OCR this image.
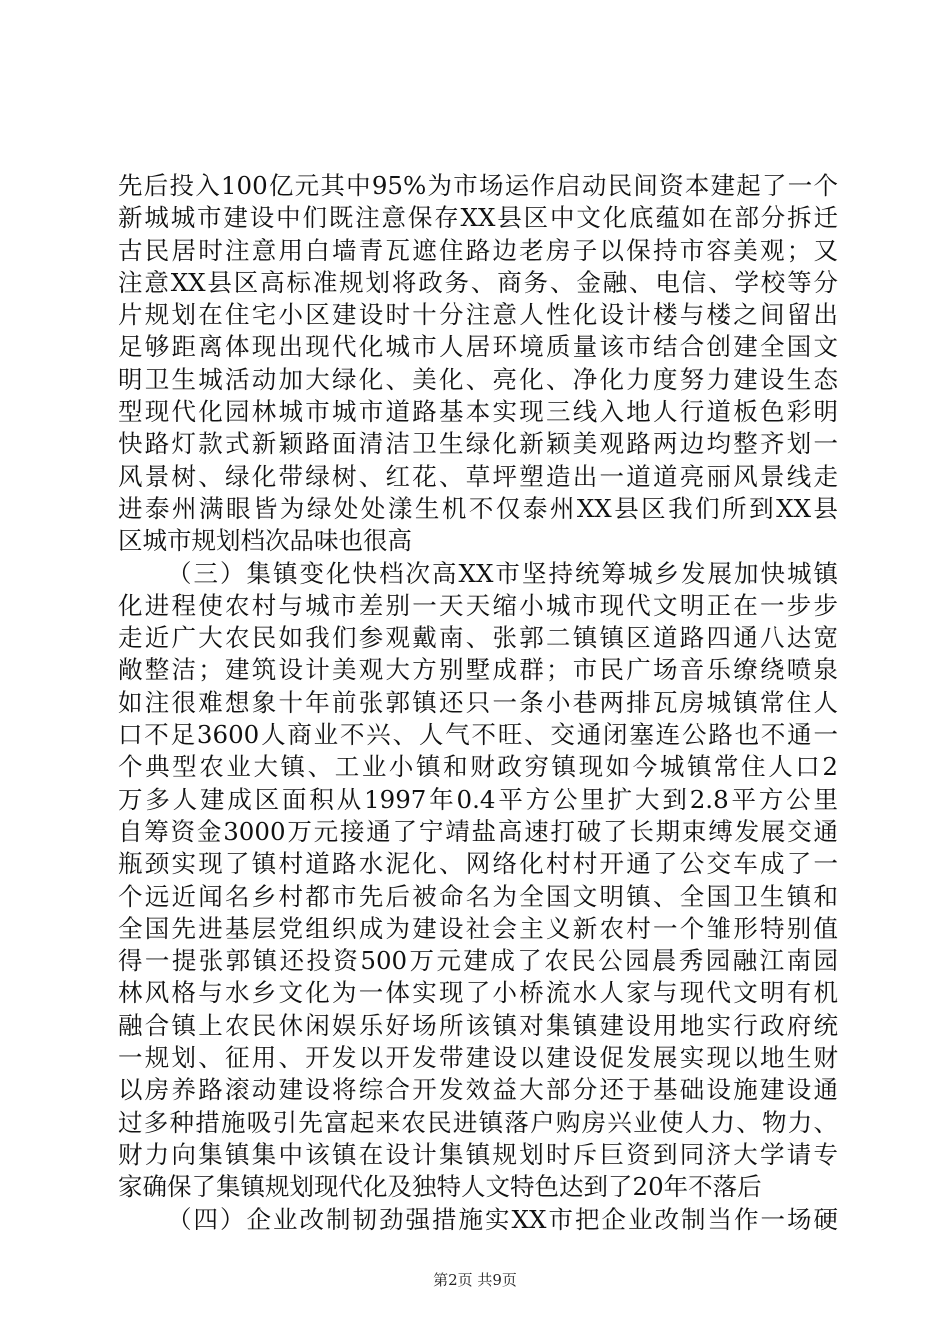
先后投入100亿元其中95%为市场运作启动民间资本建起了一个
新城城市建设中们既注意保存XX县区中文化底蕴如在部分拆迁
古民居时注意用白墙青瓦遮住路边老房子以保持市容美观；又
注意XX县区高标准规划将政务、商务、金融、电信、学校等分
片规划在住宅小区建设时十分注意人性化设计楼与楼之间留出
足够距离体现出现代化城市人居环境质量该市结合创建全国文
明卫生城活动加大绿化、美化、亮化、净化力度努力建设生态
型现代化园林城市城市道路基本实现三线入地人行道板色彩明
快路灯款式新颖路面清洁卫生绿化新颖美观路两边均整齐划一
风景树、绿化带绿树、红花、草坪塑造出一道道亮丽风景线走
进泰州满眼皆为绿处处漾生机不仅泰州XX县区我们所到XX县
区城市规划档次品味也很高
（三）集镇变化快档次高XX市坚持统筹城乡发展加快城镇
化进程使农村与城市差别一天天缩小城市现代文明正在一步步
走近广大农民如我们参观戴南、张郭二镇镇区道路四通八达宽
敞整洁；建筑设计美观大方别墅成群；市民广场音乐缭绕喷泉
如注很难想象十年前张郭镇还只一条小巷两排瓦房城镇常住人
口不足3600人商业不兴、人气不旺、交通闭塞连公路也不通一
个典型农业大镇、工业小镇和财政穷镇现如今城镇常住人口2
万多人建成区面积从1997年0.4平方公里扩大到2.8平方公里
自筹资金3000万元接通了宁靖盐高速打破了长期束缚发展交通
瓶颈实现了镇村道路水泥化、网络化村村开通了公交车成了一
个远近闻名乡村都市先后被命名为全国文明镇、全国卫生镇和
全国先进基层党组织成为建设社会主义新农村一个雏形特别值
得一提张郭镇还投资500万元建成了农民公园晨秀园融江南园
林风格与水乡文化为一体实现了小桥流水人家与现代文明有机
融合镇上农民休闲娱乐好场所该镇对集镇建设用地实行政府统
一规划、征用、开发以开发带建设以建设促发展实现以地生财
以房养路滚动建设将综合开发效益大部分还于基础设施建设通
过多种措施吸引先富起来农民进镇落户购房兴业使人力、物力、
财力向集镇集中该镇在设计集镇规划时斥巨资到同济大学请专
家确保了集镇规划现代化及独特人文特色达到了20年不落后
（四）企业改制韧劲强措施实XX市把企业改制当作一场硬
第2页 共9页
